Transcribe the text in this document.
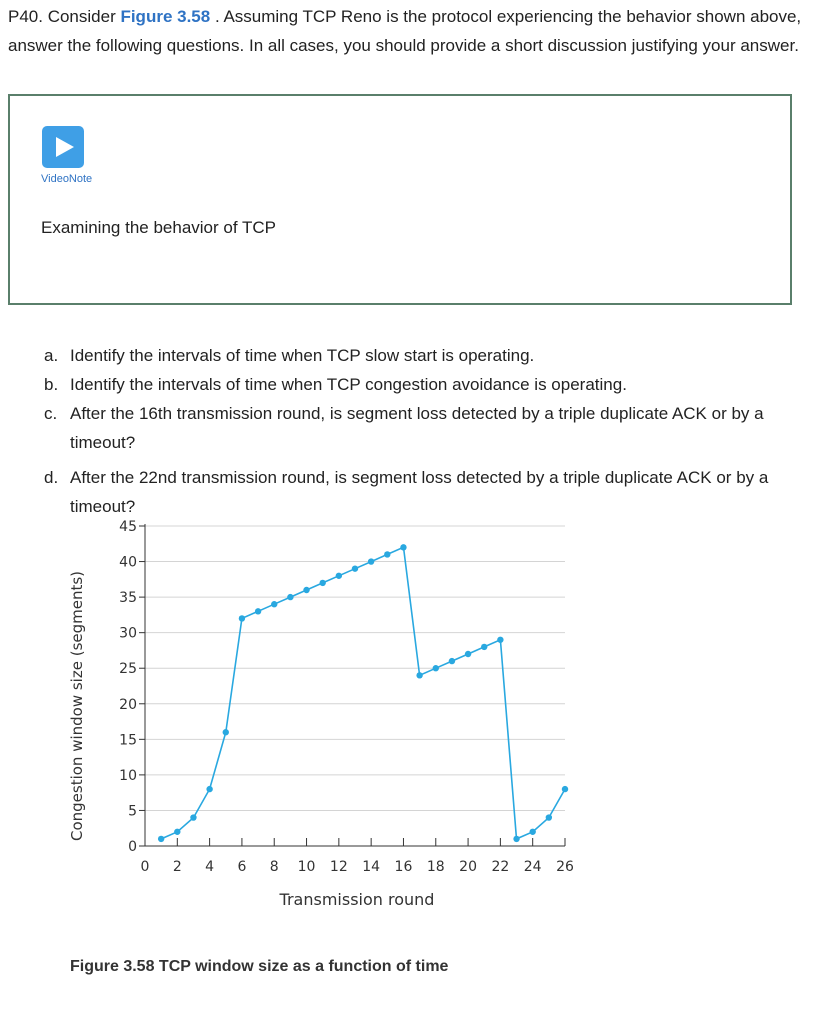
P40. Consider Figure 3.58 . Assuming TCP Reno is the protocol experiencing the behavior shown above, answer the following questions. In all cases, you should provide a short discussion justifying your answer.
VideoNote
Examining the behavior of TCP
a. Identify the intervals of time when TCP slow start is operating.
b. Identify the intervals of time when TCP congestion avoidance is operating.
c. After the 16th transmission round, is segment loss detected by a triple duplicate ACK or by a timeout?
d. After the 22nd transmission round, is segment loss detected by a triple duplicate ACK or by a timeout?
0
5
10
15
20
25
30
35
40
45
0 2 4 6 8 10 12 14 16 18 20 22 24 26
Transmission round
Congestion window size (segments)
Figure 3.58 TCP window size as a function of time
